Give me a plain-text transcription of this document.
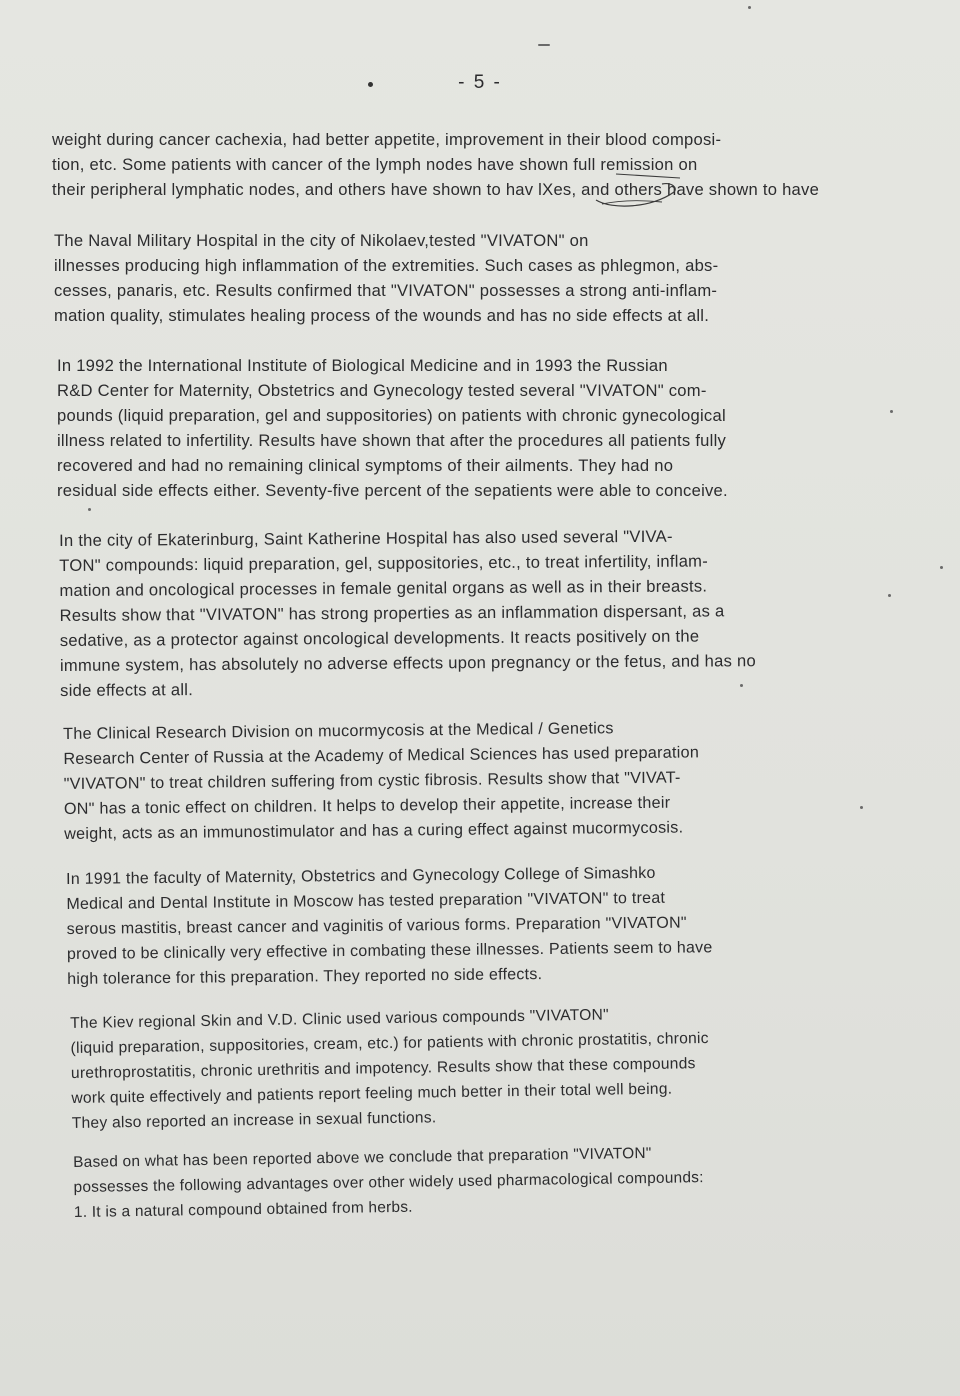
- 5 -

weight during cancer cachexia, had better appetite, improvement in their blood composi-
tion, etc. Some patients with cancer of the lymph nodes have shown full remission on
their peripheral lymphatic nodes, and others have shown to hav lXes, and others have shown to have

The Naval Military Hospital in the city of Nikolaev,tested "VIVATON" on
illnesses producing high inflammation of the extremities. Such cases as phlegmon, abs-
cesses, panaris, etc. Results confirmed that "VIVATON" possesses a strong anti-inflam-
mation quality, stimulates healing process of the wounds and has no side effects at all.

In 1992 the International Institute of Biological Medicine and in 1993 the Russian
R&D Center for Maternity, Obstetrics and Gynecology tested several "VIVATON" com-
pounds (liquid preparation, gel and suppositories) on patients with chronic gynecological
illness related to infertility. Results have shown that after the procedures all patients fully
recovered and had no remaining clinical symptoms of their ailments. They had no
residual side effects either. Seventy-five percent of the sepatients were able to conceive.

In the city of Ekaterinburg, Saint Katherine Hospital has also used several "VIVA-
TON" compounds: liquid preparation, gel, suppositories, etc., to treat infertility, inflam-
mation and oncological processes in female genital organs as well as in their breasts.
Results show that "VIVATON" has strong properties as an inflammation dispersant, as a
sedative, as a protector against oncological developments. It reacts positively on the
immune system, has absolutely no adverse effects upon pregnancy or the fetus, and has no
side effects at all.

The Clinical Research Division on mucormycosis at the Medical / Genetics
Research Center of Russia at the Academy of Medical Sciences has used preparation
"VIVATON" to treat children suffering from cystic fibrosis. Results show that "VIVAT-
ON" has a tonic effect on children. It helps to develop their appetite, increase their
weight, acts as an immunostimulator and has a curing effect against mucormycosis.

In 1991 the faculty of Maternity, Obstetrics and Gynecology College of Simashko
Medical and Dental Institute in Moscow has tested preparation "VIVATON" to treat
serous mastitis, breast cancer and vaginitis of various forms. Preparation "VIVATON"
proved to be clinically very effective in combating these illnesses. Patients seem to have
high tolerance for this preparation. They reported no side effects.

The Kiev regional Skin and V.D. Clinic used various compounds "VIVATON"
(liquid preparation, suppositories, cream, etc.) for patients with chronic prostatitis, chronic
urethroprostatitis, chronic urethritis and impotency. Results show that these compounds
work quite effectively and patients report feeling much better in their total well being.
They also reported an increase in sexual functions.

Based on what has been reported above we conclude that preparation "VIVATON"
possesses the following advantages over other widely used pharmacological compounds:
1. It is a natural compound obtained from herbs.
